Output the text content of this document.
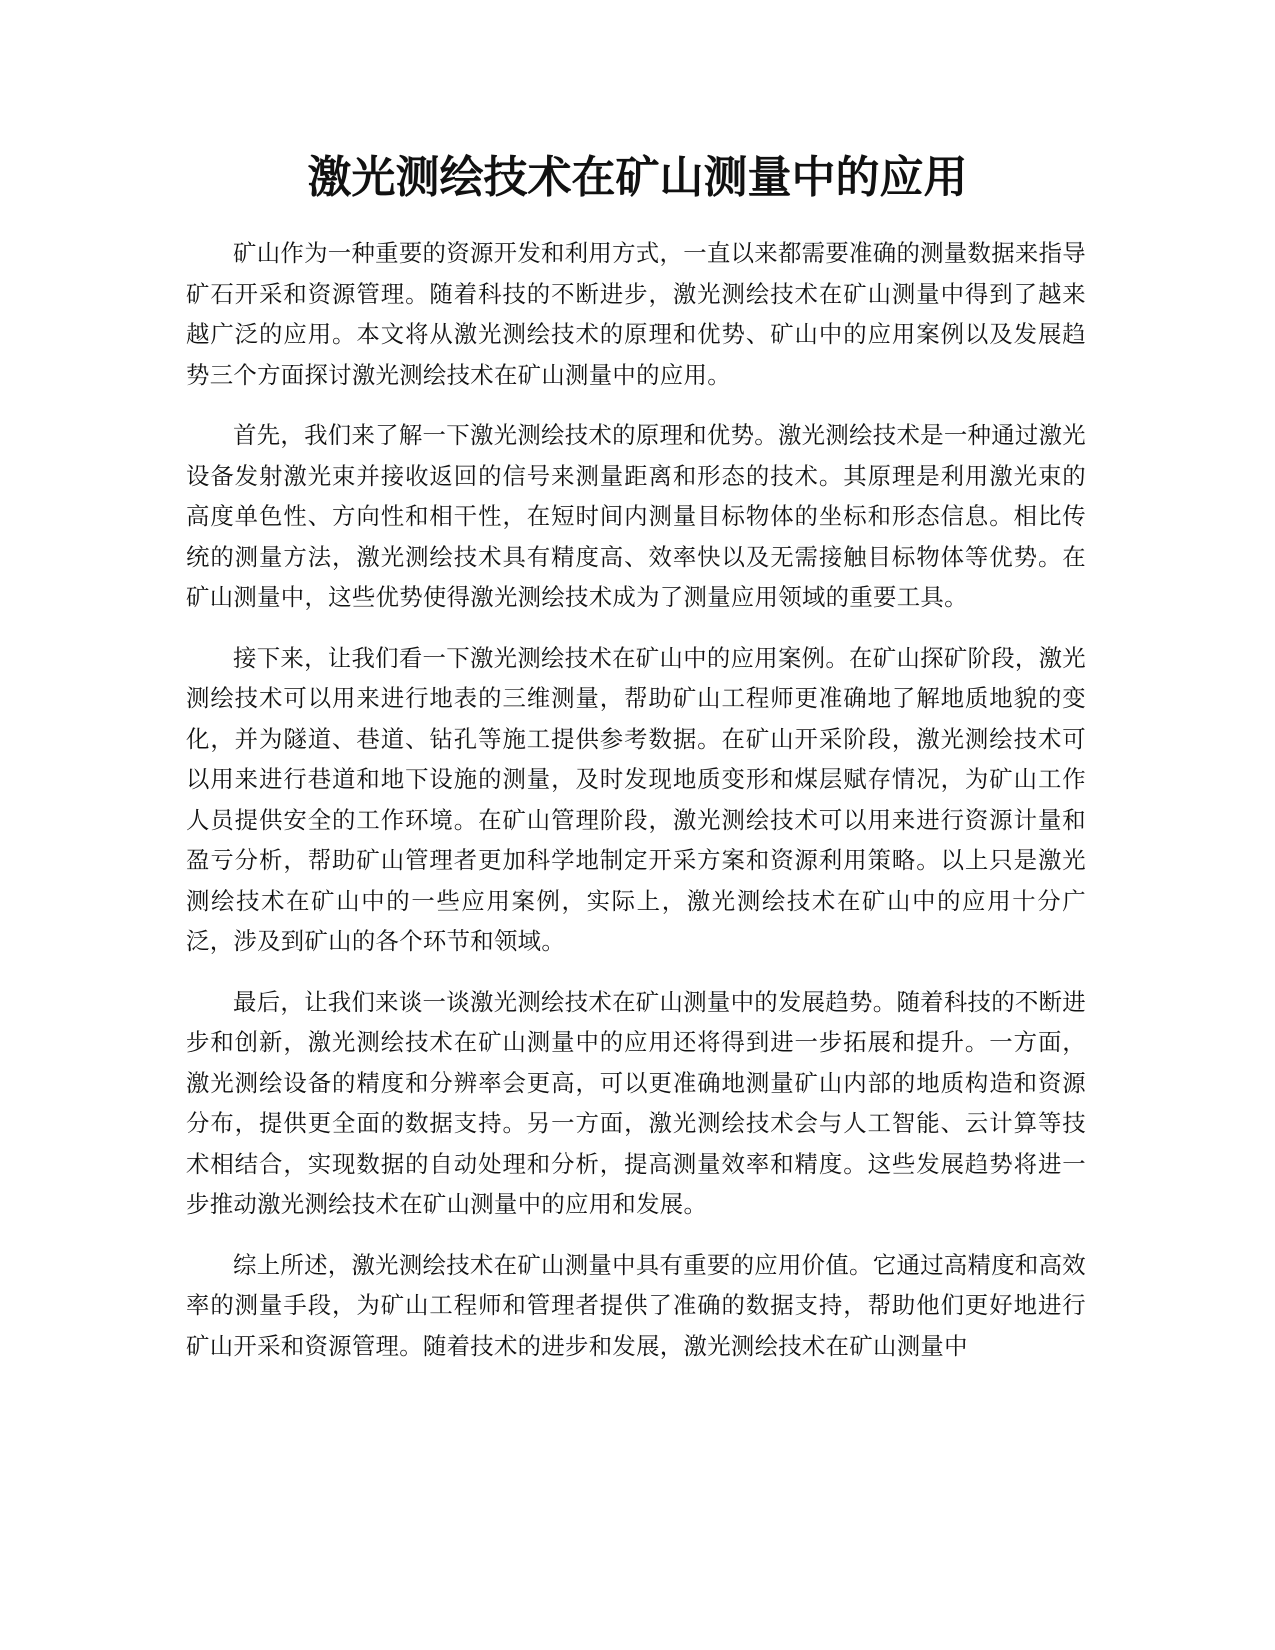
激光测绘技术在矿山测量中的应用

矿山作为一种重要的资源开发和利用方式，一直以来都需要准确的测量数据来指导矿石开采和资源管理。随着科技的不断进步，激光测绘技术在矿山测量中得到了越来越广泛的应用。本文将从激光测绘技术的原理和优势、矿山中的应用案例以及发展趋势三个方面探讨激光测绘技术在矿山测量中的应用。

首先，我们来了解一下激光测绘技术的原理和优势。激光测绘技术是一种通过激光设备发射激光束并接收返回的信号来测量距离和形态的技术。其原理是利用激光束的高度单色性、方向性和相干性，在短时间内测量目标物体的坐标和形态信息。相比传统的测量方法，激光测绘技术具有精度高、效率快以及无需接触目标物体等优势。在矿山测量中，这些优势使得激光测绘技术成为了测量应用领域的重要工具。

接下来，让我们看一下激光测绘技术在矿山中的应用案例。在矿山探矿阶段，激光测绘技术可以用来进行地表的三维测量，帮助矿山工程师更准确地了解地质地貌的变化，并为隧道、巷道、钻孔等施工提供参考数据。在矿山开采阶段，激光测绘技术可以用来进行巷道和地下设施的测量，及时发现地质变形和煤层赋存情况，为矿山工作人员提供安全的工作环境。在矿山管理阶段，激光测绘技术可以用来进行资源计量和盈亏分析，帮助矿山管理者更加科学地制定开采方案和资源利用策略。以上只是激光测绘技术在矿山中的一些应用案例，实际上，激光测绘技术在矿山中的应用十分广泛，涉及到矿山的各个环节和领域。

最后，让我们来谈一谈激光测绘技术在矿山测量中的发展趋势。随着科技的不断进步和创新，激光测绘技术在矿山测量中的应用还将得到进一步拓展和提升。一方面，激光测绘设备的精度和分辨率会更高，可以更准确地测量矿山内部的地质构造和资源分布，提供更全面的数据支持。另一方面，激光测绘技术会与人工智能、云计算等技术相结合，实现数据的自动处理和分析，提高测量效率和精度。这些发展趋势将进一步推动激光测绘技术在矿山测量中的应用和发展。

综上所述，激光测绘技术在矿山测量中具有重要的应用价值。它通过高精度和高效率的测量手段，为矿山工程师和管理者提供了准确的数据支持，帮助他们更好地进行矿山开采和资源管理。随着技术的进步和发展，激光测绘技术在矿山测量中
